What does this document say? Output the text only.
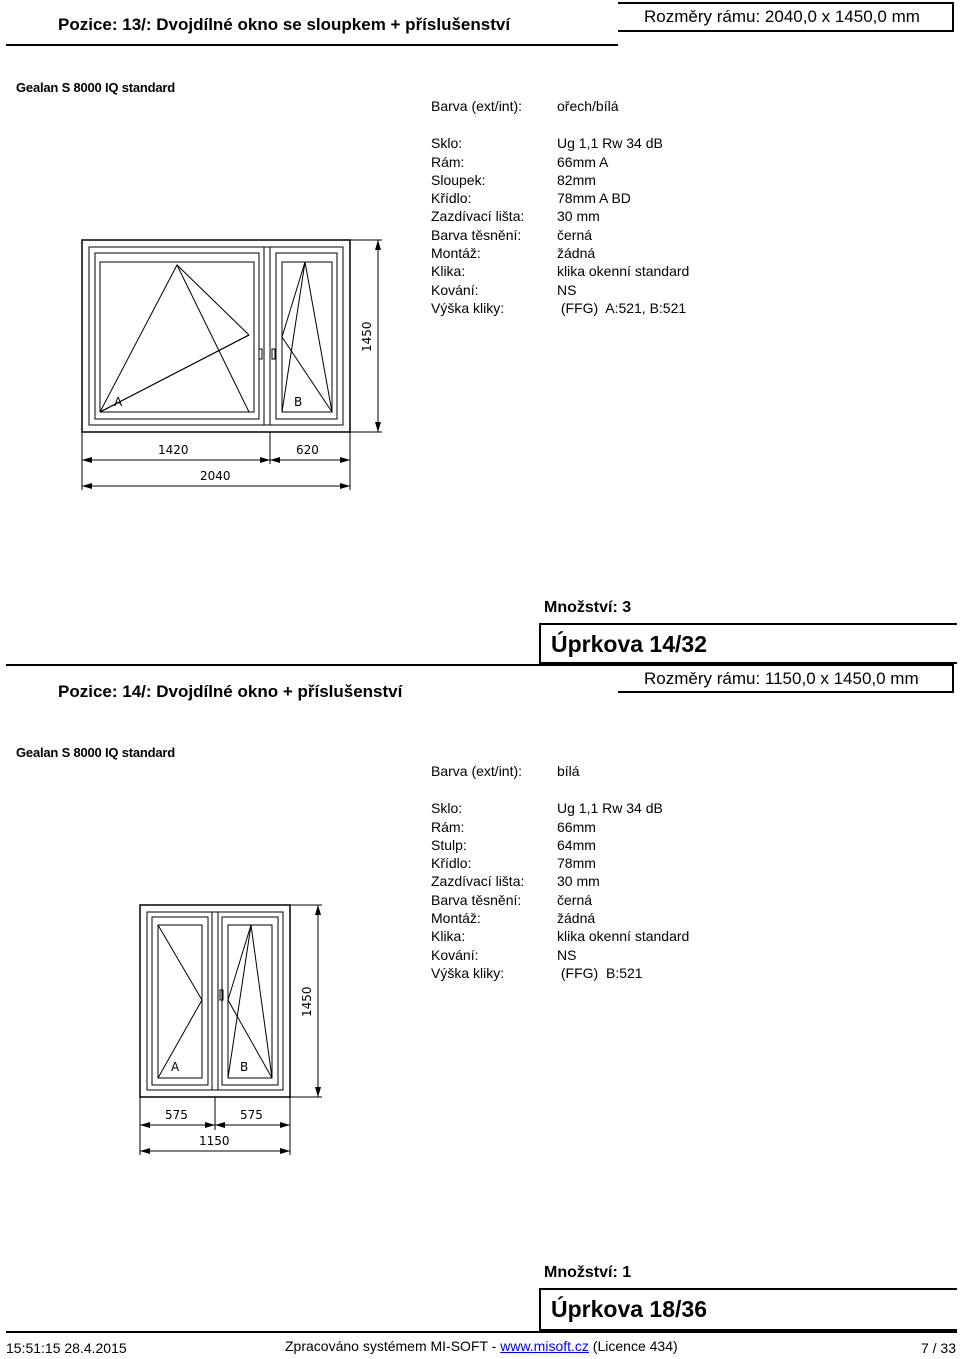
Pozice: 13/: Dvojdílné okno se sloupkem + příslušenství	Rozměry rámu: 2040,0 x 1450,0 mm
Gealan S 8000 IQ standard
Barva (ext/int):	ořech/bílá
Sklo:	Ug 1,1 Rw 34 dB
Rám:	66mm A
Sloupek:	82mm
Křídlo:	78mm A BD
Zazdívací lišta:	30 mm
Barva těsnění:	černá
Montáž:	žádná
Klika:	klika okenní standard
Kování:	NS
Výška kliky:	(FFG)  A:521, B:521
A	B
1420	620
2040
1450
Množství: 3
Úprkova 14/32
Pozice: 14/: Dvojdílné okno + příslušenství
Rozměry rámu: 1150,0 x 1450,0 mm
Gealan S 8000 IQ standard
Barva (ext/int):	bílá
Sklo:	Ug 1,1 Rw 34 dB
Rám:	66mm
Stulp:	64mm
Křídlo:	78mm
Zazdívací lišta:	30 mm
Barva těsnění:	černá
Montáž:	žádná
Klika:	klika okenní standard
Kování:	NS
Výška kliky:	(FFG)  B:521
A	B
575	575
1150
1450
Množství: 1
Úprkova 18/36
15:51:15 28.4.2015	Zpracováno systémem MI-SOFT - www.misoft.cz (Licence 434)	7 / 33
